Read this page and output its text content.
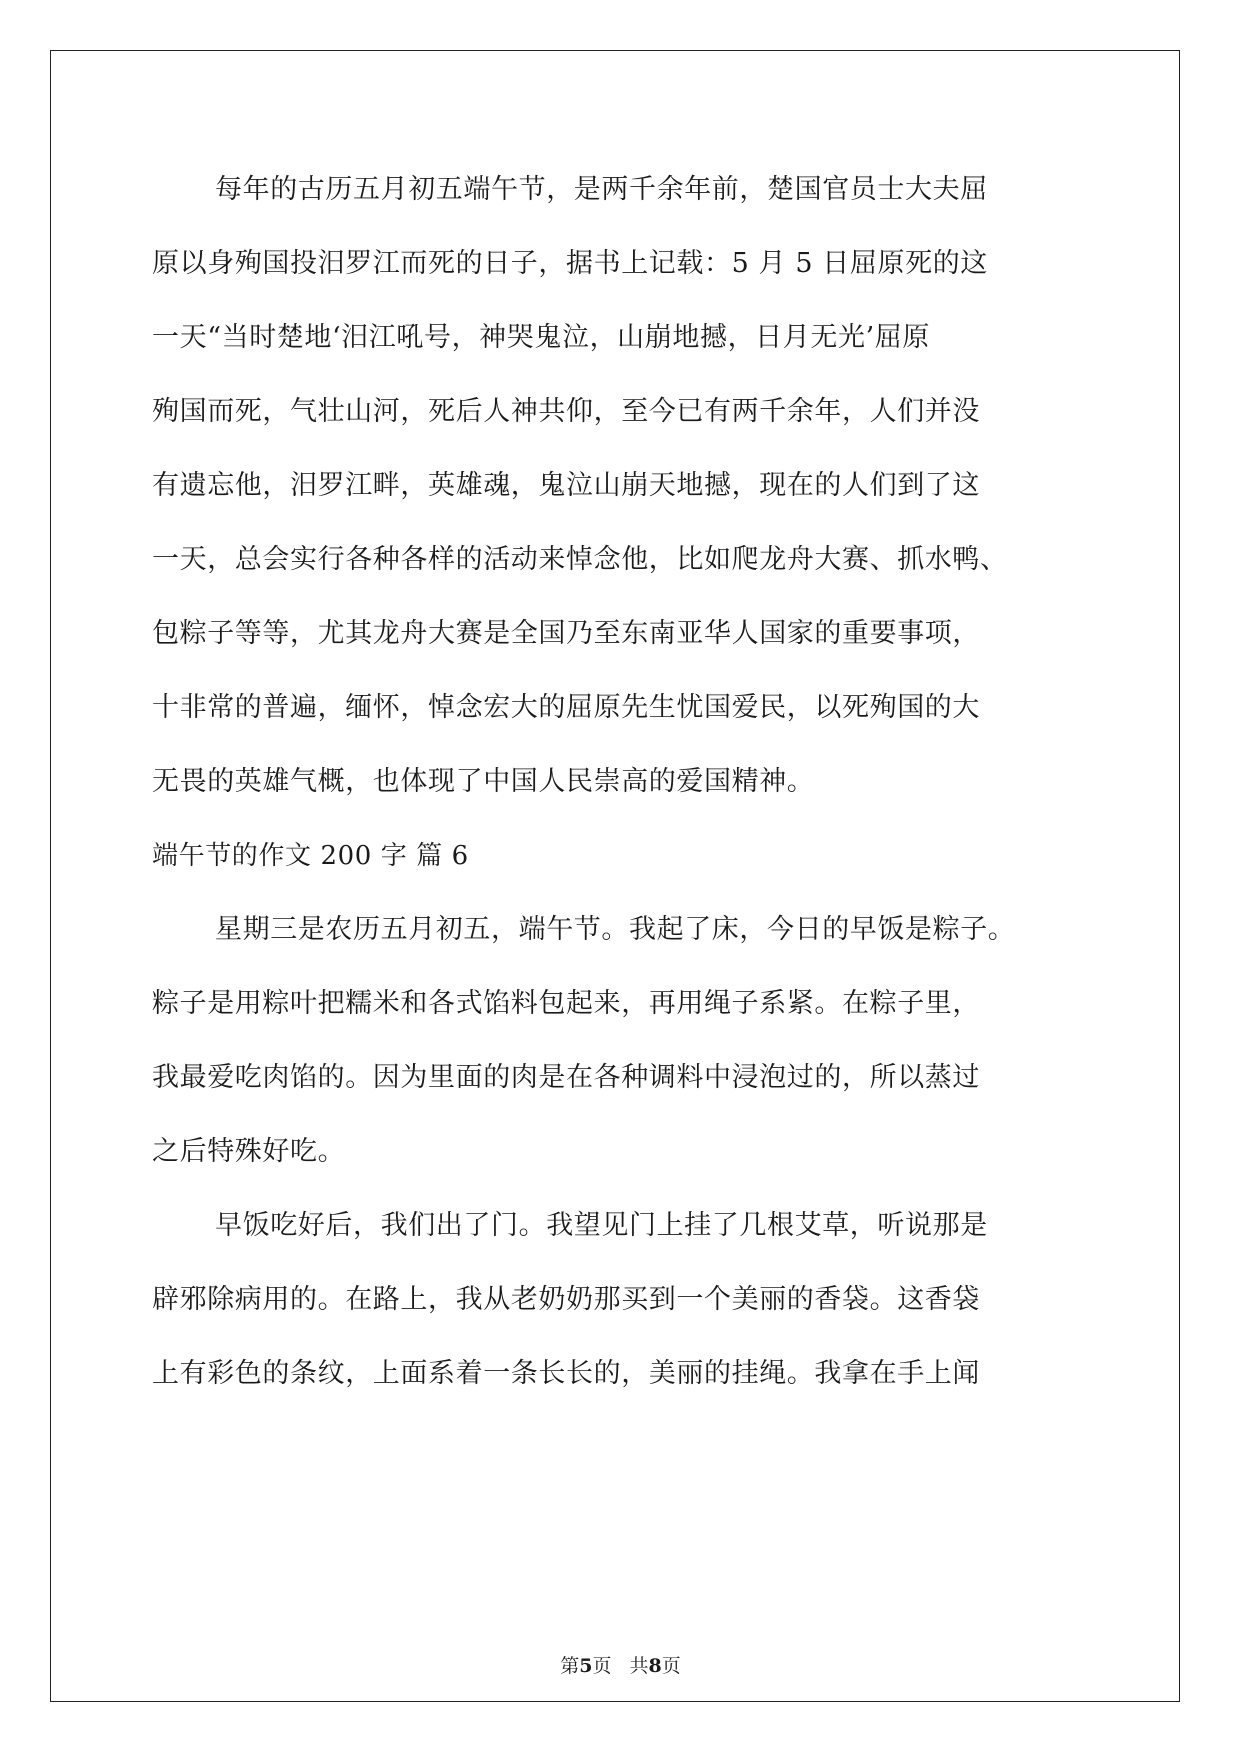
每年的古历五月初五端午节，是两千余年前，楚国官员士大夫屈
原以身殉国投汨罗江而死的日子，据书上记载：5 月 5 日屈原死的这
一天“当时楚地‘汨江吼号，神哭鬼泣，山崩地撼，日月无光’屈原
殉国而死，气壮山河，死后人神共仰，至今已有两千余年，人们并没
有遗忘他，汨罗江畔，英雄魂，鬼泣山崩天地撼，现在的人们到了这
一天，总会实行各种各样的活动来悼念他，比如爬龙舟大赛、抓水鸭、
包粽子等等，尤其龙舟大赛是全国乃至东南亚华人国家的重要事项，
十非常的普遍，缅怀，悼念宏大的屈原先生忧国爱民，以死殉国的大
无畏的英雄气概，也体现了中国人民崇高的爱国精神。
端午节的作文 200 字 篇 6
星期三是农历五月初五，端午节。我起了床，今日的早饭是粽子。
粽子是用粽叶把糯米和各式馅料包起来，再用绳子系紧。在粽子里，
我最爱吃肉馅的。因为里面的肉是在各种调料中浸泡过的，所以蒸过
之后特殊好吃。
早饭吃好后，我们出了门。我望见门上挂了几根艾草，听说那是
辟邪除病用的。在路上，我从老奶奶那买到一个美丽的香袋。这香袋
上有彩色的条纹，上面系着一条长长的，美丽的挂绳。我拿在手上闻
第5页 共8页
